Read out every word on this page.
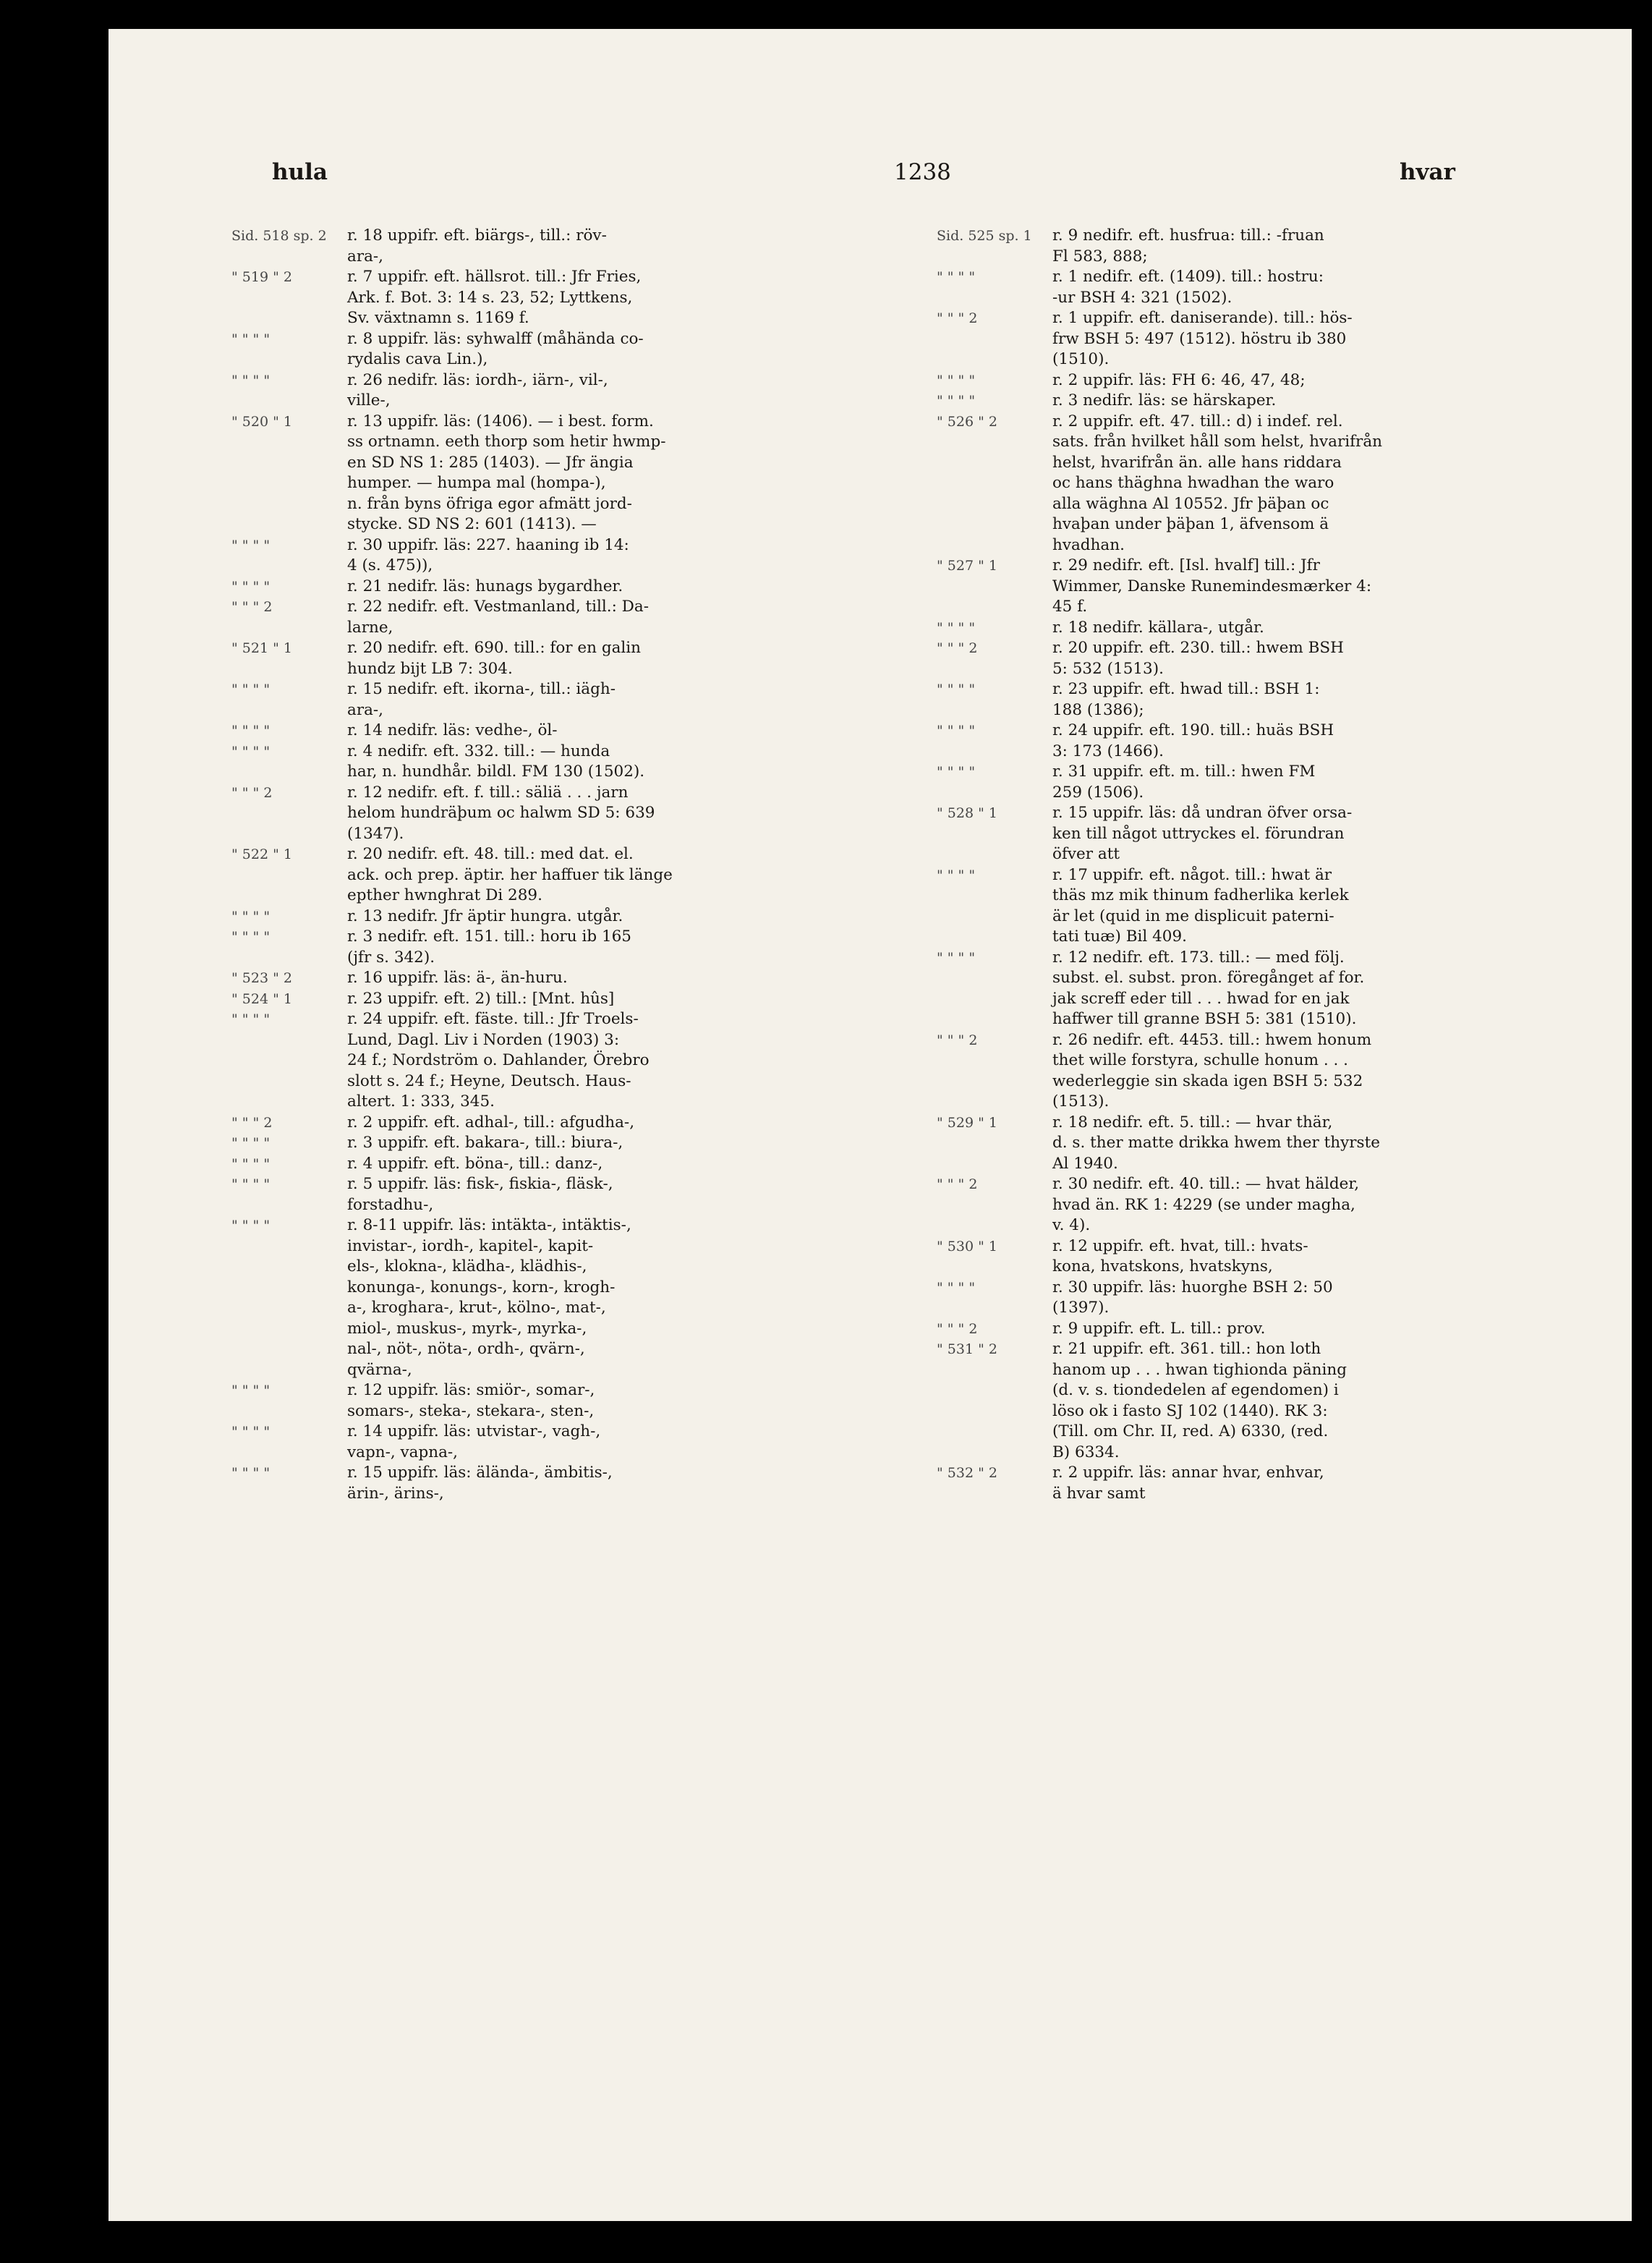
hula	1238	hvar
Sid. 518 sp. 2	r. 18 uppifr. eft. biärgs-, till.: röv-
ara-,
" 519 " 2	r. 7 uppifr. eft. hällsrot. till.: Jfr Fries,
Ark. f. Bot. 3: 14 s. 23, 52; Lyttkens,
Sv. växtnamn s. 1169 f.
" " " "	r. 8 uppifr. läs: syhwalff (måhända co-
rydalis cava Lin.),
" " " "	r. 26 nedifr. läs: iordh-, iärn-, vil-,
ville-,
" 520 " 1	r. 13 uppifr. läs: (1406). — i best. form.
ss ortnamn. eeth thorp som hetir hwmp-
en SD NS 1: 285 (1403). — Jfr ängia
humper. — humpa mal (hompa-),
n. från byns öfriga egor afmätt jord-
stycke. SD NS 2: 601 (1413). —
" " " "	r. 30 uppifr. läs: 227. haaning ib 14:
4 (s. 475)),
" " " "	r. 21 nedifr. läs: hunags bygardher.
" " " 2	r. 22 nedifr. eft. Vestmanland, till.: Da-
larne,
" 521 " 1	r. 20 nedifr. eft. 690. till.: for en galin
hundz bijt LB 7: 304.
" " " "	r. 15 nedifr. eft. ikorna-, till.: iägh-
ara-,
" " " "	r. 14 nedifr. läs: vedhe-, öl-
" " " "	r. 4 nedifr. eft. 332. till.: — hunda
har, n. hundhår. bildl. FM 130 (1502).
" " " 2	r. 12 nedifr. eft. f. till.: säliä . . . jarn
helom hundräþum oc halwm SD 5: 639
(1347).
" 522 " 1	r. 20 nedifr. eft. 48. till.: med dat. el.
ack. och prep. äptir. her haffuer tik länge
epther hwnghrat Di 289.
" " " "	r. 13 nedifr. Jfr äptir hungra. utgår.
" " " "	r. 3 nedifr. eft. 151. till.: horu ib 165
(jfr s. 342).
" 523 " 2	r. 16 uppifr. läs: ä-, än-huru.
" 524 " 1	r. 23 uppifr. eft. 2) till.: [Mnt. hûs]
" " " "	r. 24 uppifr. eft. fäste. till.: Jfr Troels-
Lund, Dagl. Liv i Norden (1903) 3:
24 f.; Nordström o. Dahlander, Örebro
slott s. 24 f.; Heyne, Deutsch. Haus-
altert. 1: 333, 345.
" " " 2	r. 2 uppifr. eft. adhal-, till.: afgudha-,
" " " "	r. 3 uppifr. eft. bakara-, till.: biura-,
" " " "	r. 4 uppifr. eft. böna-, till.: danz-,
" " " "	r. 5 uppifr. läs: fisk-, fiskia-, fläsk-,
forstadhu-,
" " " "	r. 8-11 uppifr. läs: intäkta-, intäktis-,
invistar-, iordh-, kapitel-, kapit-
els-, klokna-, klädha-, klädhis-,
konunga-, konungs-, korn-, krogh-
a-, kroghara-, krut-, kölno-, mat-,
miol-, muskus-, myrk-, myrka-,
nal-, nöt-, nöta-, ordh-, qvärn-,
qvärna-,
" " " "	r. 12 uppifr. läs: smiör-, somar-,
somars-, steka-, stekara-, sten-,
" " " "	r. 14 uppifr. läs: utvistar-, vagh-,
vapn-, vapna-,
" " " "	r. 15 uppifr. läs: älända-, ämbitis-,
ärin-, ärins-,
Sid. 525 sp. 1	r. 9 nedifr. eft. husfrua: till.: -fruan
Fl 583, 888;
" " " "	r. 1 nedifr. eft. (1409). till.: hostru:
-ur BSH 4: 321 (1502).
" " " 2	r. 1 uppifr. eft. daniserande). till.: hös-
frw BSH 5: 497 (1512). höstru ib 380
(1510).
" " " "	r. 2 uppifr. läs: FH 6: 46, 47, 48;
" " " "	r. 3 nedifr. läs: se härskaper.
" 526 " 2	r. 2 uppifr. eft. 47. till.: d) i indef. rel.
sats. från hvilket håll som helst, hvarifrån
helst, hvarifrån än. alle hans riddara
oc hans thäghna hwadhan the waro
alla wäghna Al 10552. Jfr þäþan oc
hvaþan under þäþan 1, äfvensom ä
hvadhan.
" 527 " 1	r. 29 nedifr. eft. [Isl. hvalf] till.: Jfr
Wimmer, Danske Runemindesmærker 4:
45 f.
" " " "	r. 18 nedifr. källara-, utgår.
" " " 2	r. 20 uppifr. eft. 230. till.: hwem BSH
5: 532 (1513).
" " " "	r. 23 uppifr. eft. hwad till.: BSH 1:
188 (1386);
" " " "	r. 24 uppifr. eft. 190. till.: huäs BSH
3: 173 (1466).
" " " "	r. 31 uppifr. eft. m. till.: hwen FM
259 (1506).
" 528 " 1	r. 15 uppifr. läs: då undran öfver orsa-
ken till något uttryckes el. förundran
öfver att
" " " "	r. 17 uppifr. eft. något. till.: hwat är
thäs mz mik thinum fadherlika kerlek
är let (quid in me displicuit paterni-
tati tuæ) Bil 409.
" " " "	r. 12 nedifr. eft. 173. till.: — med följ.
subst. el. subst. pron. föregånget af for.
jak screff eder till . . . hwad for en jak
haffwer till granne BSH 5: 381 (1510).
" " " 2	r. 26 nedifr. eft. 4453. till.: hwem honum
thet wille forstyra, schulle honum . . .
wederleggie sin skada igen BSH 5: 532
(1513).
" 529 " 1	r. 18 nedifr. eft. 5. till.: — hvar thär,
d. s. ther matte drikka hwem ther thyrste
Al 1940.
" " " 2	r. 30 nedifr. eft. 40. till.: — hvat hälder,
hvad än. RK 1: 4229 (se under magha,
v. 4).
" 530 " 1	r. 12 uppifr. eft. hvat, till.: hvats-
kona, hvatskons, hvatskyns,
" " " "	r. 30 uppifr. läs: huorghe BSH 2: 50
(1397).
" " " 2	r. 9 uppifr. eft. L. till.: prov.
" 531 " 2	r. 21 uppifr. eft. 361. till.: hon loth
hanom up . . . hwan tighionda päning
(d. v. s. tiondedelen af egendomen) i
löso ok i fasto SJ 102 (1440). RK 3:
(Till. om Chr. II, red. A) 6330, (red.
B) 6334.
" 532 " 2	r. 2 uppifr. läs: annar hvar, enhvar,
ä hvar samt
